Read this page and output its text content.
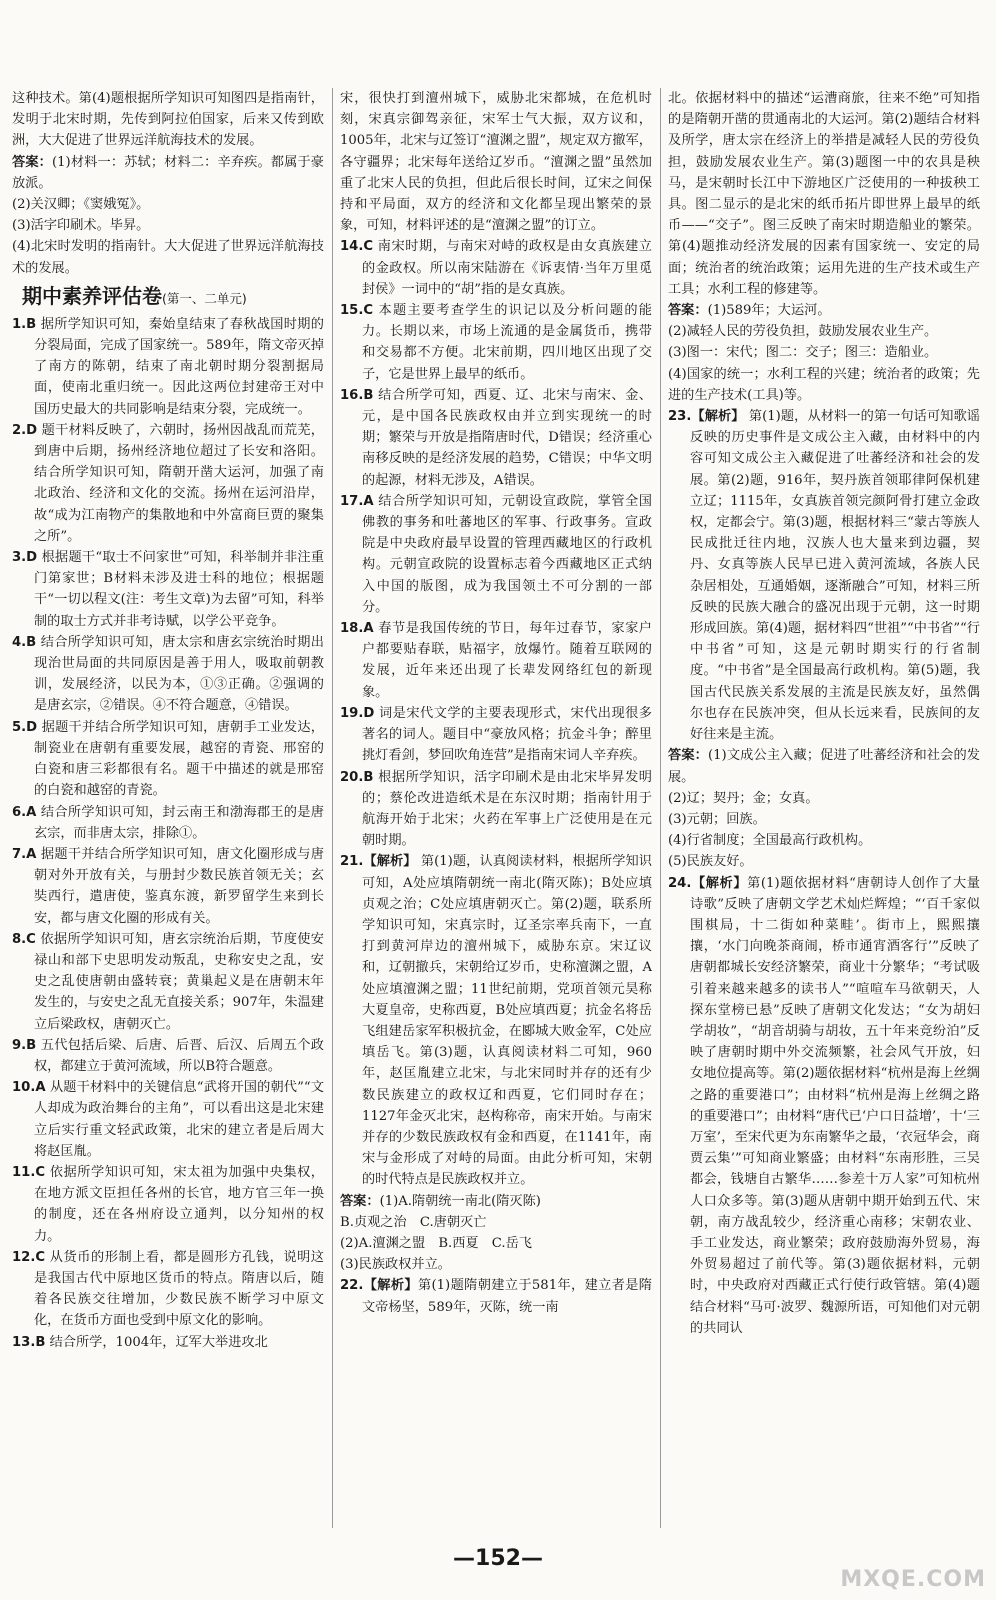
这种技术。第(4)题根据所学知识可知图四是指南针，发明于北宋时期，先传到阿拉伯国家，后来又传到欧洲，大大促进了世界远洋航海技术的发展。

答案：(1)材料一：苏轼；材料二：辛弃疾。都属于豪放派。

(2)关汉卿；《窦娥冤》。

(3)活字印刷术。毕昇。

(4)北宋时发明的指南针。大大促进了世界远洋航海技术的发展。

期中素养评估卷(第一、二单元)

1.B 据所学知识可知，秦始皇结束了春秋战国时期的分裂局面，完成了国家统一。589年，隋文帝灭掉了南方的陈朝，结束了南北朝时期分裂割据局面，使南北重归统一。因此这两位封建帝王对中国历史最大的共同影响是结束分裂，完成统一。

2.D 题干材料反映了，六朝时，扬州因战乱而荒芜，到唐中后期，扬州经济地位超过了长安和洛阳。结合所学知识可知，隋朝开凿大运河，加强了南北政治、经济和文化的交流。扬州在运河沿岸，故“成为江南物产的集散地和中外富商巨贾的聚集之所”。

3.D 根据题干“取士不问家世”可知，科举制并非注重门第家世；B材料未涉及进士科的地位；根据题干“一切以程文(注：考生文章)为去留”可知，科举制的取士方式并非考诗赋，以学公平竞争。

4.B 结合所学知识可知，唐太宗和唐玄宗统治时期出现治世局面的共同原因是善于用人，吸取前朝教训，发展经济，以民为本，①③正确。②强调的是唐玄宗，②错误。④不符合题意，④错误。

5.D 据题干并结合所学知识可知，唐朝手工业发达，制瓷业在唐朝有重要发展，越窑的青瓷、邢窑的白瓷和唐三彩都很有名。题干中描述的就是邢窑的白瓷和越窑的青瓷。

6.A 结合所学知识可知，封云南王和渤海郡王的是唐玄宗，而非唐太宗，排除①。

7.A 据题干并结合所学知识可知，唐文化圈形成与唐朝对外开放有关，与册封少数民族首领无关；玄奘西行，遣唐使，鉴真东渡，新罗留学生来到长安，都与唐文化圈的形成有关。

8.C 依据所学知识可知，唐玄宗统治后期，节度使安禄山和部下史思明发动叛乱，史称安史之乱，安史之乱使唐朝由盛转衰；黄巢起义是在唐朝末年发生的，与安史之乱无直接关系；907年，朱温建立后梁政权，唐朝灭亡。

9.B 五代包括后梁、后唐、后晋、后汉、后周五个政权，都建立于黄河流域，所以B符合题意。

10.A 从题干材料中的关键信息“武将开国的朝代”“文人却成为政治舞台的主角”，可以看出这是北宋建立后实行重文轻武政策，北宋的建立者是后周大将赵匡胤。

11.C 依据所学知识可知，宋太祖为加强中央集权，在地方派文臣担任各州的长官，地方官三年一换的制度，还在各州府设立通判，以分知州的权力。

12.C 从货币的形制上看，都是圆形方孔钱，说明这是我国古代中原地区货币的特点。隋唐以后，随着各民族交往增加，少数民族不断学习中原文化，在货币方面也受到中原文化的影响。

13.B 结合所学，1004年，辽军大举进攻北

宋，很快打到澶州城下，威胁北宋都城，在危机时刻，宋真宗御驾亲征，宋军士气大振，双方议和，1005年，北宋与辽签订“澶渊之盟”，规定双方撤军，各守疆界；北宋每年送给辽岁币。“澶渊之盟”虽然加重了北宋人民的负担，但此后很长时间，辽宋之间保持和平局面，双方的经济和文化都呈现出繁荣的景象，可知，材料评述的是“澶渊之盟”的订立。

14.C 南宋时期，与南宋对峙的政权是由女真族建立的金政权。所以南宋陆游在《诉衷情·当年万里觅封侯》一词中的“胡”指的是女真族。

15.C 本题主要考查学生的识记以及分析问题的能力。长期以来，市场上流通的是金属货币，携带和交易都不方便。北宋前期，四川地区出现了交子，它是世界上最早的纸币。

16.B 结合所学可知，西夏、辽、北宋与南宋、金、元，是中国各民族政权由并立到实现统一的时期；繁荣与开放是指隋唐时代，D错误；经济重心南移反映的是经济发展的趋势，C错误；中华文明的起源，材料无涉及，A错误。

17.A 结合所学知识可知，元朝设宣政院，掌管全国佛教的事务和吐蕃地区的军事、行政事务。宣政院是中央政府最早设置的管理西藏地区的行政机构。元朝宣政院的设置标志着今西藏地区正式纳入中国的版图，成为我国领土不可分割的一部分。

18.A 春节是我国传统的节日，每年过春节，家家户户都要贴春联，贴福字，放爆竹。随着互联网的发展，近年来还出现了长辈发网络红包的新现象。

19.D 词是宋代文学的主要表现形式，宋代出现很多著名的词人。题目中“豪放风格；抗金斗争；醉里挑灯看剑，梦回吹角连营”是指南宋词人辛弃疾。

20.B 根据所学知识，活字印刷术是由北宋毕昇发明的；蔡伦改进造纸术是在东汉时期；指南针用于航海开始于北宋；火药在军事上广泛使用是在元朝时期。

21.【解析】 第(1)题，认真阅读材料，根据所学知识可知，A处应填隋朝统一南北(隋灭陈)；B处应填贞观之治；C处应填唐朝灭亡。第(2)题，联系所学知识可知，宋真宗时，辽圣宗率兵南下，一直打到黄河岸边的澶州城下，威胁东京。宋辽议和，辽朝撤兵，宋朝给辽岁币，史称澶渊之盟，A处应填澶渊之盟；11世纪前期，党项首领元昊称大夏皇帝，史称西夏，B处应填西夏；抗金名将岳飞组建岳家军积极抗金，在郾城大败金军，C处应填岳飞。第(3)题，认真阅读材料二可知，960年，赵匡胤建立北宋，与北宋同时并存的还有少数民族建立的政权辽和西夏，它们同时存在；1127年金灭北宋，赵构称帝，南宋开始。与南宋并存的少数民族政权有金和西夏，在1141年，南宋与金形成了对峙的局面。由此分析可知，宋朝的时代特点是民族政权并立。

答案：(1)A.隋朝统一南北(隋灭陈)

B.贞观之治　C.唐朝灭亡

(2)A.澶渊之盟　B.西夏　C.岳飞

(3)民族政权并立。

22.【解析】第(1)题隋朝建立于581年，建立者是隋文帝杨坚，589年，灭陈，统一南

北。依据材料中的描述“运漕商旅，往来不绝”可知指的是隋朝开凿的贯通南北的大运河。第(2)题结合材料及所学，唐太宗在经济上的举措是减轻人民的劳役负担，鼓励发展农业生产。第(3)题图一中的农具是秧马，是宋朝时长江中下游地区广泛使用的一种拔秧工具。图二显示的是北宋的纸币拓片即世界上最早的纸币——“交子”。图三反映了南宋时期造船业的繁荣。第(4)题推动经济发展的因素有国家统一、安定的局面；统治者的统治政策；运用先进的生产技术或生产工具；水利工程的修建等。

答案：(1)589年；大运河。

(2)减轻人民的劳役负担，鼓励发展农业生产。

(3)图一：宋代；图二：交子；图三：造船业。

(4)国家的统一；水利工程的兴建；统治者的政策；先进的生产技术(工具)等。

23.【解析】 第(1)题，从材料一的第一句话可知歌谣反映的历史事件是文成公主入藏，由材料中的内容可知文成公主入藏促进了吐蕃经济和社会的发展。第(2)题，916年，契丹族首领耶律阿保机建立辽；1115年，女真族首领完颜阿骨打建立金政权，定都会宁。第(3)题，根据材料三“蒙古等族人民成批迁往内地，汉族人也大量来到边疆，契丹、女真等族人民早已进入黄河流域，各族人民杂居相处，互通婚姻，逐渐融合”可知，材料三所反映的民族大融合的盛况出现于元朝，这一时期形成回族。第(4)题，据材料四“世祖”“中书省”“行中书省”可知，这是元朝时期实行的行省制度。“中书省”是全国最高行政机构。第(5)题，我国古代民族关系发展的主流是民族友好，虽然偶尔也存在民族冲突，但从长远来看，民族间的友好往来是主流。

答案：(1)文成公主入藏；促进了吐蕃经济和社会的发展。

(2)辽；契丹；金；女真。

(3)元朝；回族。

(4)行省制度；全国最高行政机构。

(5)民族友好。

24.【解析】第(1)题依据材料“唐朝诗人创作了大量诗歌”反映了唐朝文学艺术灿烂辉煌；“‘百千家似围棋局，十二街如种菜畦’。街市上，熙熙攘攘，‘水门向晚茶商闹，桥市通宵酒客行’”反映了唐朝都城长安经济繁荣，商业十分繁华；“考试吸引着来越来越多的读书人”“喧喧车马欲朝天，人探东堂榜已悬”反映了唐朝文化发达；“女为胡妇学胡妆”，“胡音胡骑与胡妆，五十年来竞纷泊”反映了唐朝时期中外交流频繁，社会风气开放，妇女地位提高等。第(2)题依据材料“杭州是海上丝绸之路的重要港口”；由材料“杭州是海上丝绸之路的重要港口”；由材料“唐代已‘户口日益增’，十‘三万室’，至宋代更为东南繁华之最，‘衣冠华会，商贾云集’”可知商业繁盛；由材料“东南形胜，三吴都会，钱塘自古繁华……参差十万人家”可知杭州人口众多等。第(3)题从唐朝中期开始到五代、宋朝，南方战乱较少，经济重心南移；宋朝农业、手工业发达，商业繁荣；政府鼓励海外贸易，海外贸易超过了前代等。第(3)题依据材料，元朝时，中央政府对西藏正式行使行政管辖。第(4)题结合材料“马可·波罗、魏源所语，可知他们对元朝的共同认

—152—
MXQE.COM
